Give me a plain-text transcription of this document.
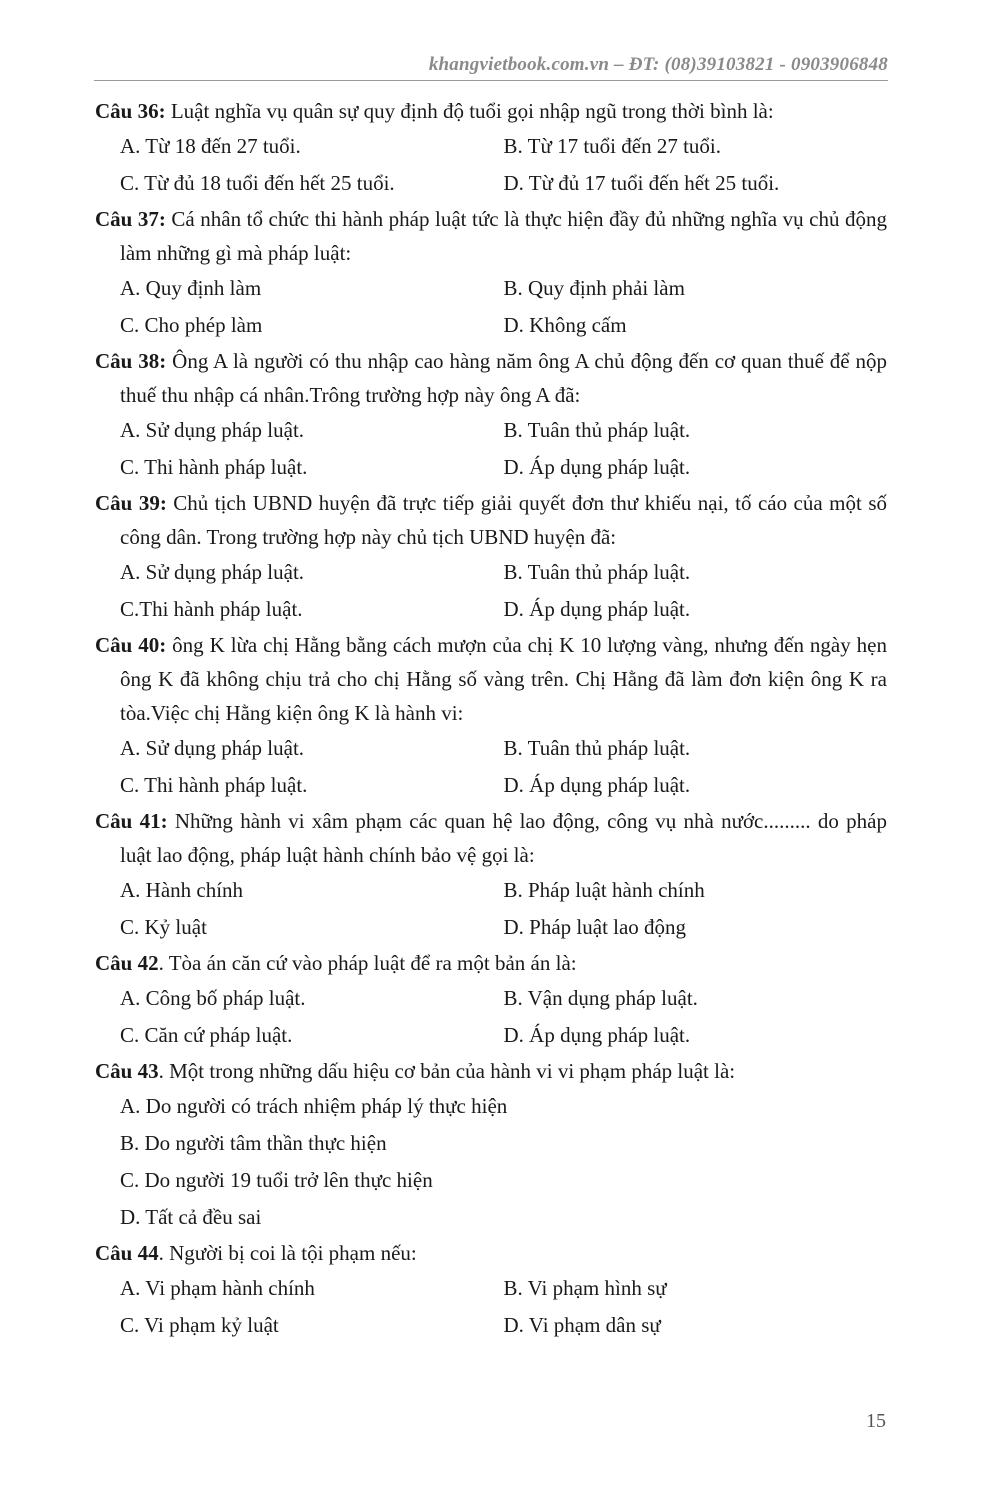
khangvietbook.com.vn – ĐT: (08)39103821 - 0903906848
Câu 36: Luật nghĩa vụ quân sự quy định độ tuổi gọi nhập ngũ trong thời bình là:
A. Từ 18 đến 27 tuổi.	B. Từ 17 tuổi đến 27 tuổi.
C. Từ đủ 18 tuổi đến hết 25 tuổi.	D. Từ đủ 17 tuổi đến hết 25 tuổi.
Câu 37: Cá nhân tổ chức thi hành pháp luật tức là thực hiện đầy đủ những nghĩa vụ chủ động làm những gì mà pháp luật:
A. Quy định làm	B. Quy định phải làm
C. Cho phép làm	D. Không cấm
Câu 38: Ông A là người có thu nhập cao hàng năm ông A chủ động đến cơ quan thuế để nộp thuế thu nhập cá nhân.Trông trường hợp này ông A đã:
A. Sử dụng pháp luật.	B. Tuân thủ pháp luật.
C. Thi hành pháp luật.	D. Áp dụng pháp luật.
Câu 39: Chủ tịch UBND huyện đã trực tiếp giải quyết đơn thư khiếu nại, tố cáo của một số công dân. Trong trường hợp này chủ tịch UBND huyện đã:
A. Sử dụng pháp luật.	B. Tuân thủ pháp luật.
C.Thi hành pháp luật.	D. Áp dụng pháp luật.
Câu 40: ông K lừa chị Hằng bằng cách mượn của chị K 10 lượng vàng, nhưng đến ngày hẹn ông K đã không chịu trả cho chị Hằng số vàng trên. Chị Hằng đã làm đơn kiện ông K ra tòa.Việc chị Hằng kiện ông K là hành vi:
A. Sử dụng pháp luật.	B. Tuân thủ pháp luật.
C. Thi hành pháp luật.	D. Áp dụng pháp luật.
Câu 41: Những hành vi xâm phạm các quan hệ lao động, công vụ nhà nước......... do pháp luật lao động, pháp luật hành chính bảo vệ gọi là:
A. Hành chính	B. Pháp luật hành chính
C. Kỷ luật	D. Pháp luật lao động
Câu 42. Tòa án căn cứ vào pháp luật để ra một bản án là:
A. Công bố pháp luật.	B. Vận dụng pháp luật.
C. Căn cứ pháp luật.	D. Áp dụng pháp luật.
Câu 43. Một trong những dấu hiệu cơ bản của hành vi vi phạm pháp luật là:
A. Do người có trách nhiệm pháp lý thực hiện
B. Do người tâm thần thực hiện
C. Do người 19 tuổi trở lên thực hiện
D. Tất cả đều sai
Câu 44. Người bị coi là tội phạm nếu:
A. Vi phạm hành chính	B. Vi phạm hình sự
C. Vi phạm kỷ luật	D. Vi phạm dân sự
15
